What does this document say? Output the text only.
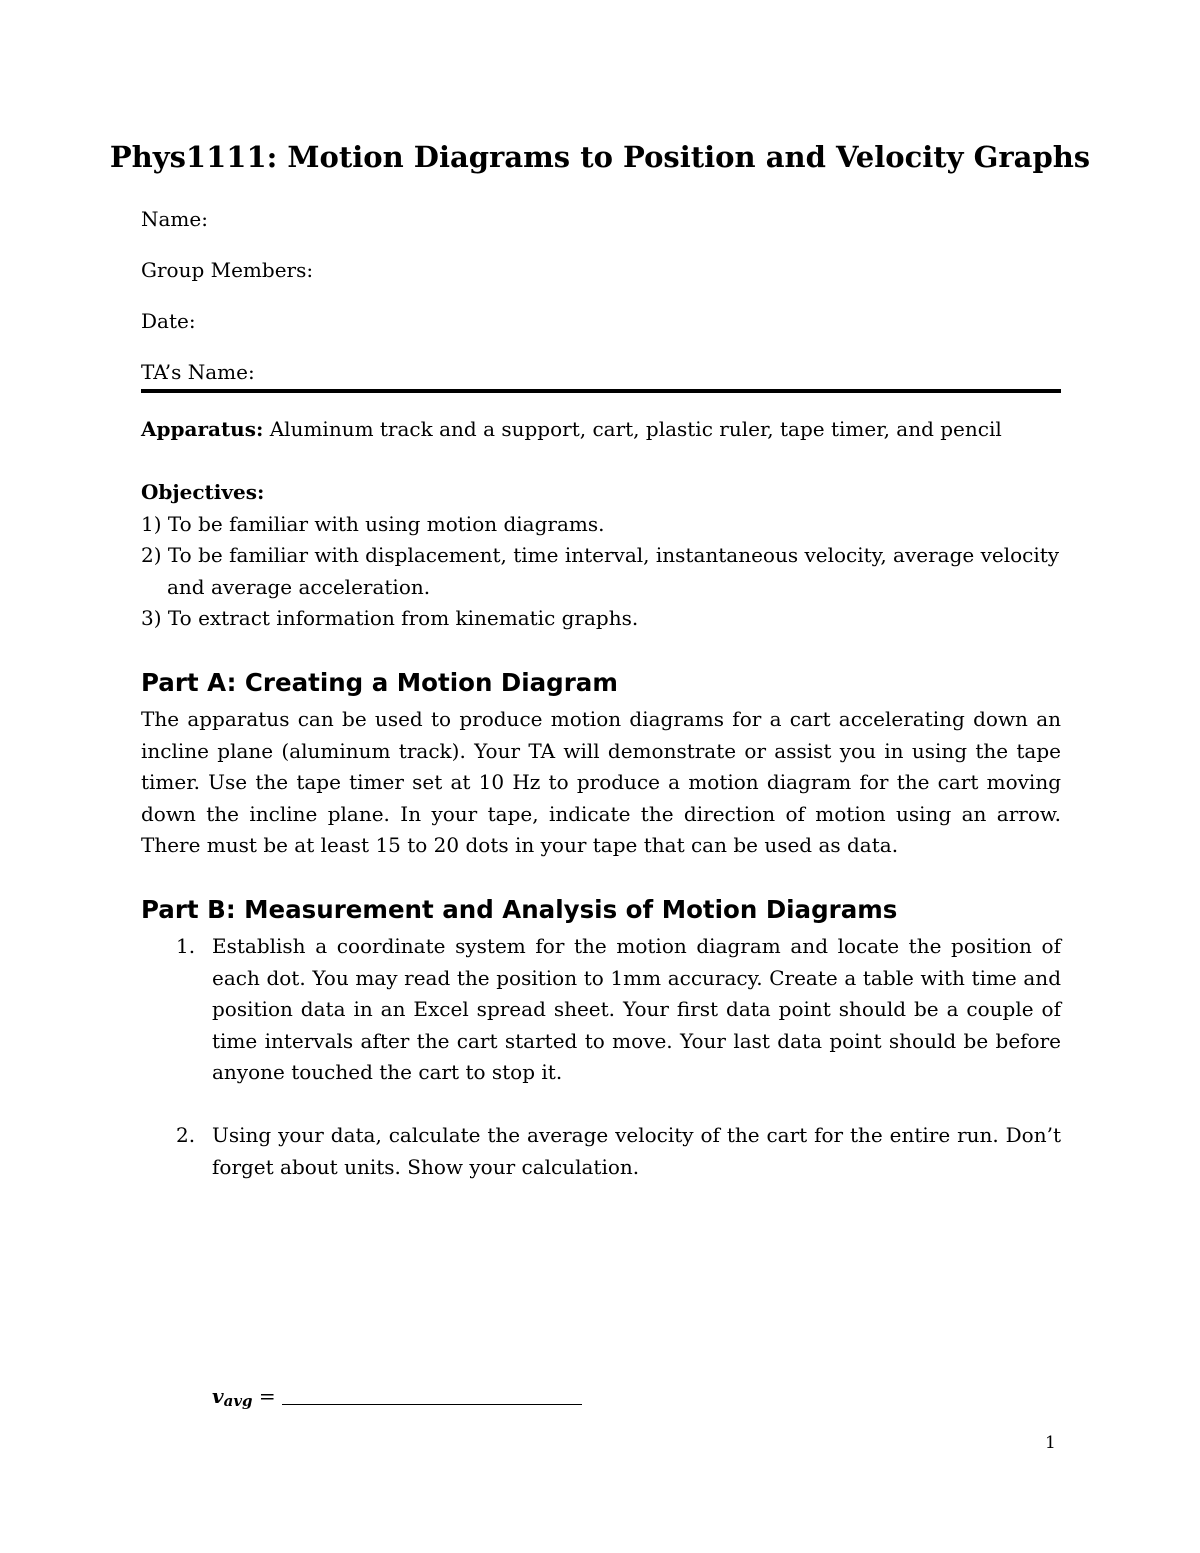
Phys1111: Motion Diagrams to Position and Velocity Graphs
Name:
Group Members:
Date:
TA’s Name:
Apparatus: Aluminum track and a support, cart, plastic ruler, tape timer, and pencil
Objectives:
1) To be familiar with using motion diagrams.
2) To be familiar with displacement, time interval, instantaneous velocity, average velocity
and average acceleration.
3) To extract information from kinematic graphs.
Part A: Creating a Motion Diagram
The apparatus can be used to produce motion diagrams for a cart accelerating down an incline plane (aluminum track). Your TA will demonstrate or assist you in using the tape timer. Use the tape timer set at 10 Hz to produce a motion diagram for the cart moving down the incline plane. In your tape, indicate the direction of motion using an arrow. There must be at least 15 to 20 dots in your tape that can be used as data.
Part B: Measurement and Analysis of Motion Diagrams
1. Establish a coordinate system for the motion diagram and locate the position of each dot. You may read the position to 1mm accuracy. Create a table with time and position data in an Excel spread sheet. Your first data point should be a couple of time intervals after the cart started to move. Your last data point should be before anyone touched the cart to stop it.
2. Using your data, calculate the average velocity of the cart for the entire run. Don’t forget about units. Show your calculation.
$v_{avg}$ =
1
